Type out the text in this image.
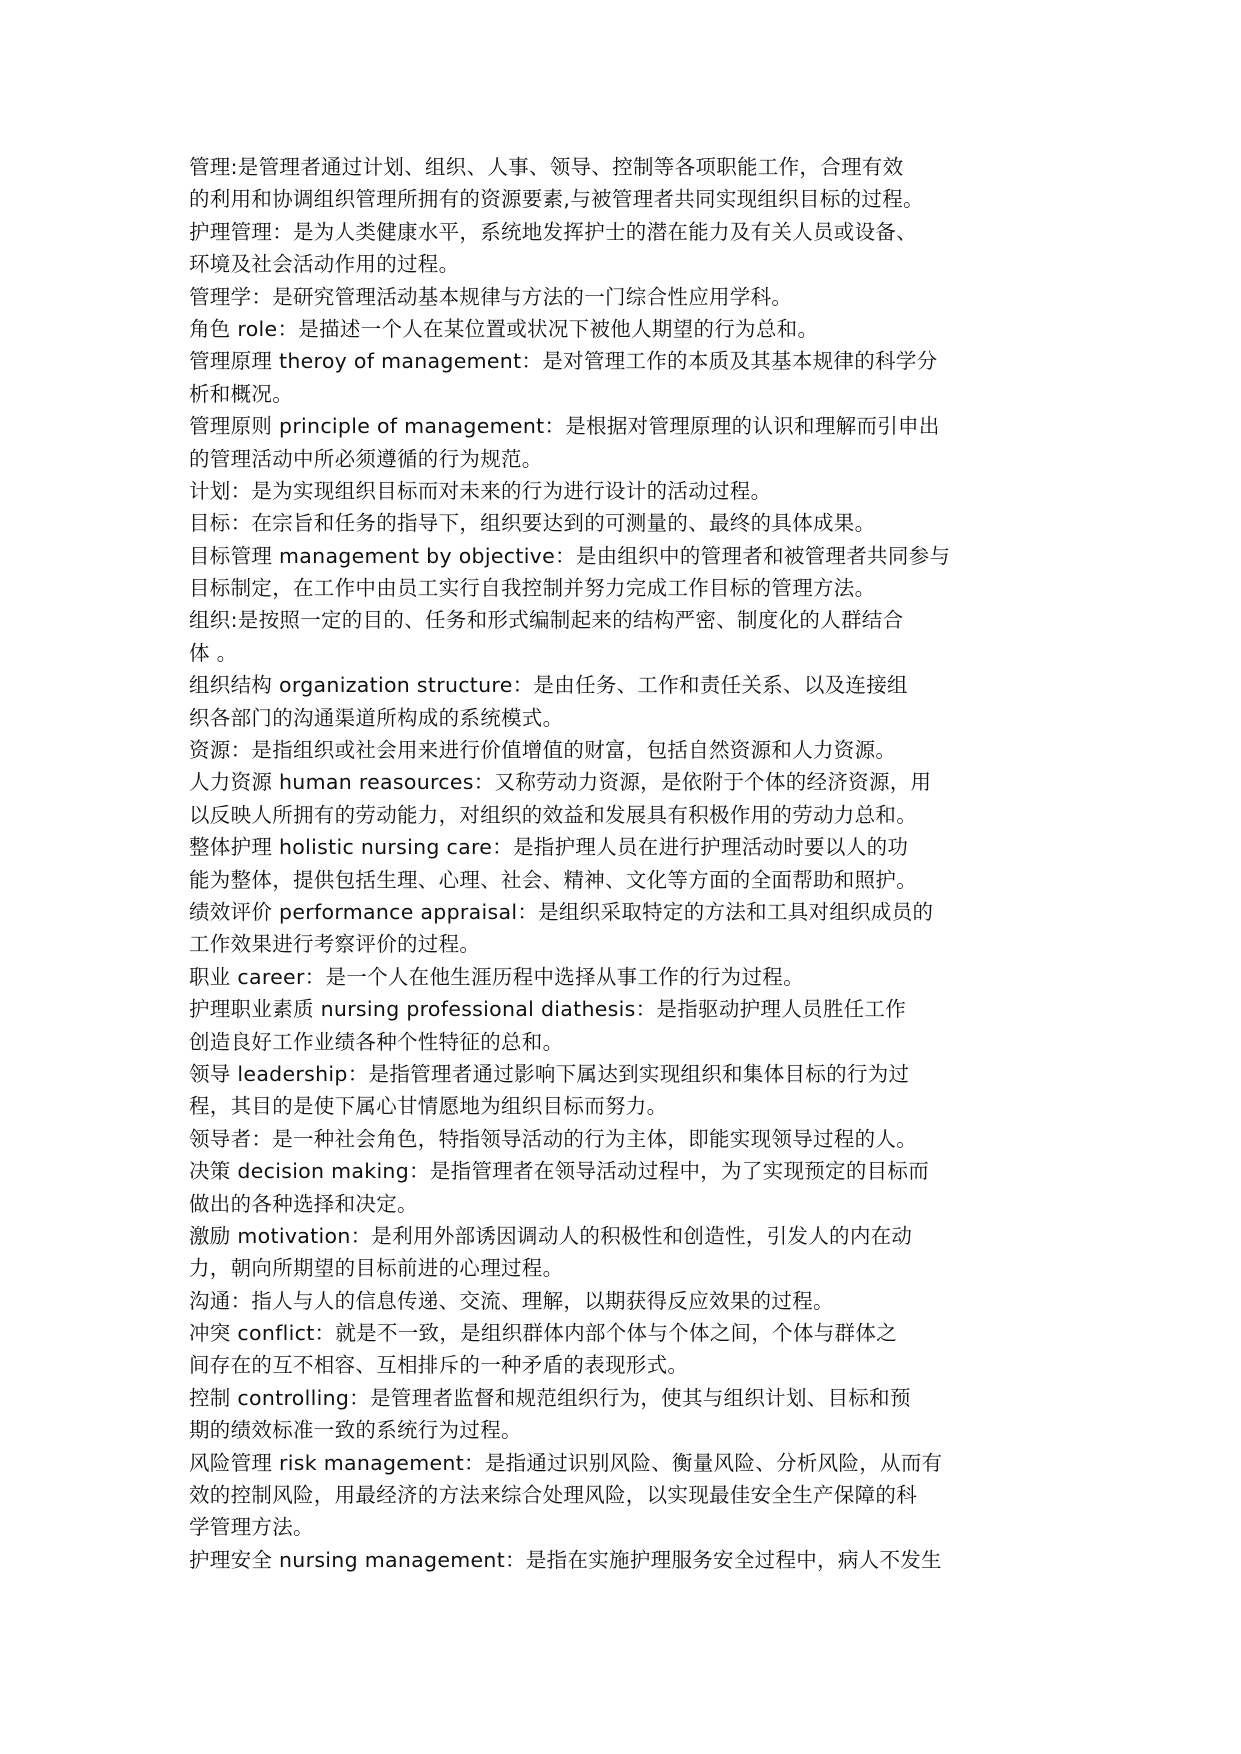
管理:是管理者通过计划、组织、人事、领导、控制等各项职能工作，合理有效
的利用和协调组织管理所拥有的资源要素,与被管理者共同实现组织目标的过程。
护理管理：是为人类健康水平，系统地发挥护士的潜在能力及有关人员或设备、
环境及社会活动作用的过程。
管理学：是研究管理活动基本规律与方法的一门综合性应用学科。
角色 role：是描述一个人在某位置或状况下被他人期望的行为总和。
管理原理 theroy of management：是对管理工作的本质及其基本规律的科学分
析和概况。
管理原则 principle of management：是根据对管理原理的认识和理解而引申出
的管理活动中所必须遵循的行为规范。
计划：是为实现组织目标而对未来的行为进行设计的活动过程。
目标：在宗旨和任务的指导下，组织要达到的可测量的、最终的具体成果。
目标管理 management by objective：是由组织中的管理者和被管理者共同参与
目标制定，在工作中由员工实行自我控制并努力完成工作目标的管理方法。
组织:是按照一定的目的、任务和形式编制起来的结构严密、制度化的人群结合
体 。
组织结构 organization structure：是由任务、工作和责任关系、以及连接组
织各部门的沟通渠道所构成的系统模式。
资源：是指组织或社会用来进行价值增值的财富，包括自然资源和人力资源。
人力资源 human reasources：又称劳动力资源，是依附于个体的经济资源，用
以反映人所拥有的劳动能力，对组织的效益和发展具有积极作用的劳动力总和。
整体护理 holistic nursing care：是指护理人员在进行护理活动时要以人的功
能为整体，提供包括生理、心理、社会、精神、文化等方面的全面帮助和照护。
绩效评价 performance appraisal：是组织采取特定的方法和工具对组织成员的
工作效果进行考察评价的过程。
职业 career：是一个人在他生涯历程中选择从事工作的行为过程。
护理职业素质 nursing professional diathesis：是指驱动护理人员胜任工作
创造良好工作业绩各种个性特征的总和。
领导 leadership：是指管理者通过影响下属达到实现组织和集体目标的行为过
程，其目的是使下属心甘情愿地为组织目标而努力。
领导者：是一种社会角色，特指领导活动的行为主体，即能实现领导过程的人。
决策 decision making：是指管理者在领导活动过程中，为了实现预定的目标而
做出的各种选择和决定。
激励 motivation：是利用外部诱因调动人的积极性和创造性，引发人的内在动
力，朝向所期望的目标前进的心理过程。
沟通：指人与人的信息传递、交流、理解，以期获得反应效果的过程。
冲突 conflict：就是不一致，是组织群体内部个体与个体之间，个体与群体之
间存在的互不相容、互相排斥的一种矛盾的表现形式。
控制 controlling：是管理者监督和规范组织行为，使其与组织计划、目标和预
期的绩效标准一致的系统行为过程。
风险管理 risk management：是指通过识别风险、衡量风险、分析风险，从而有
效的控制风险，用最经济的方法来综合处理风险，以实现最佳安全生产保障的科
学管理方法。
护理安全 nursing management：是指在实施护理服务安全过程中，病人不发生
